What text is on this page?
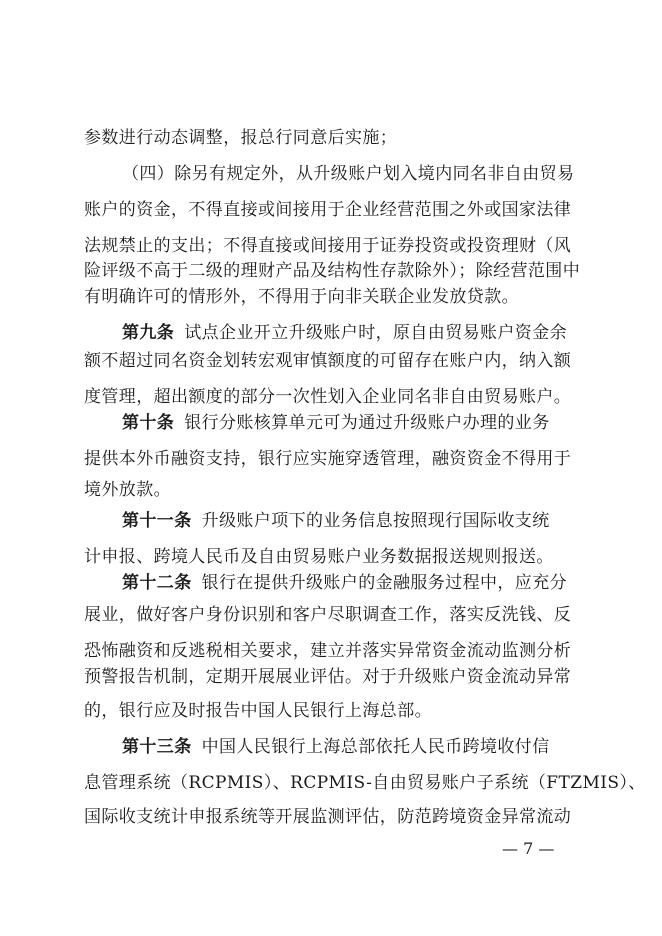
参数进行动态调整，报总行同意后实施；
（四）除另有规定外，从升级账户划入境内同名非自由贸易
账户的资金，不得直接或间接用于企业经营范围之外或国家法律
法规禁止的支出；不得直接或间接用于证券投资或投资理财（风
险评级不高于二级的理财产品及结构性存款除外）；除经营范围中
有明确许可的情形外，不得用于向非关联企业发放贷款。
第九条 试点企业开立升级账户时，原自由贸易账户资金余
额不超过同名资金划转宏观审慎额度的可留存在账户内，纳入额
度管理，超出额度的部分一次性划入企业同名非自由贸易账户。
第十条 银行分账核算单元可为通过升级账户办理的业务
提供本外币融资支持，银行应实施穿透管理，融资资金不得用于
境外放款。
第十一条 升级账户项下的业务信息按照现行国际收支统
计申报、跨境人民币及自由贸易账户业务数据报送规则报送。
第十二条 银行在提供升级账户的金融服务过程中，应充分
展业，做好客户身份识别和客户尽职调查工作，落实反洗钱、反
恐怖融资和反逃税相关要求，建立并落实异常资金流动监测分析
预警报告机制，定期开展展业评估。对于升级账户资金流动异常
的，银行应及时报告中国人民银行上海总部。
第十三条 中国人民银行上海总部依托人民币跨境收付信
息管理系统（RCPMIS）、RCPMIS-自由贸易账户子系统（FTZMIS）、
国际收支统计申报系统等开展监测评估，防范跨境资金异常流动
— 7 —
